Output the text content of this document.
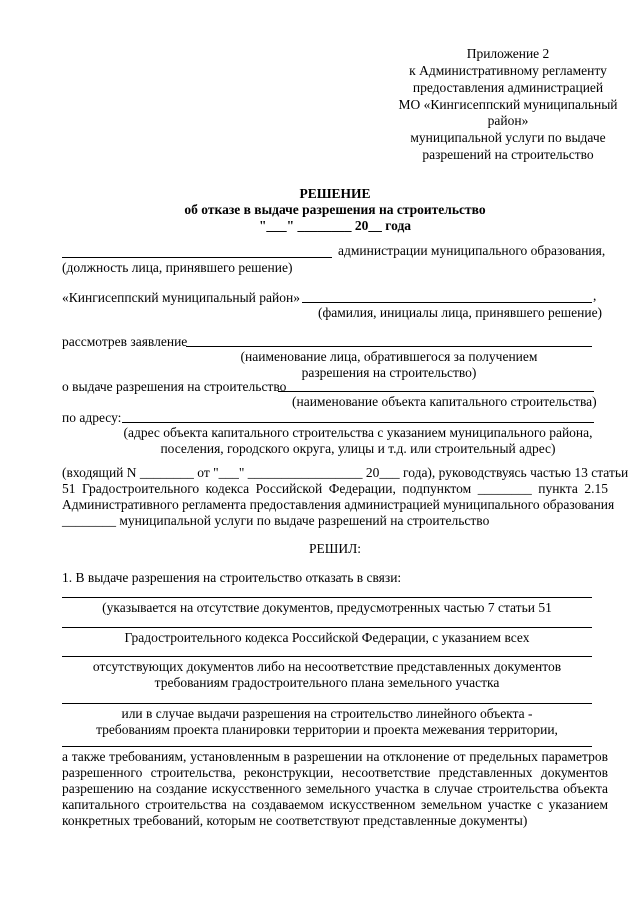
Приложение 2
к Административному регламенту
предоставления администрацией
МО «Кингисеппский муниципальный
район»
муниципальной услуги по выдаче
разрешений на строительство
РЕШЕНИЕ
об отказе в выдаче разрешения на строительство
"___" ________ 20__ года
администрации муниципального образования,
(должность лица, принявшего решение)
«Кингисеппский муниципальный район»	,
(фамилия, инициалы лица, принявшего решение)
рассмотрев заявление
(наименование лица, обратившегося за получением
разрешения на строительство)
о выдаче разрешения на строительство
(наименование объекта капитального строительства)
по адресу:
(адрес объекта капитального строительства с указанием муниципального района,
поселения, городского округа, улицы и т.д. или строительный адрес)
(входящий N ________ от "___" _________________ 20___ года), руководствуясь частью 13 статьи
51 Градостроительного кодекса Российской Федерации, подпунктом ________ пункта 2.15
Административного регламента предоставления администрацией муниципального образования
________ муниципальной услуги по выдаче разрешений на строительство
РЕШИЛ:
1. В выдаче разрешения на строительство отказать в связи:
(указывается на отсутствие документов, предусмотренных частью 7 статьи 51
Градостроительного кодекса Российской Федерации, с указанием всех
отсутствующих документов либо на несоответствие представленных документов
требованиям градостроительного плана земельного участка
или в случае выдачи разрешения на строительство линейного объекта -
требованиям проекта планировки территории и проекта межевания территории,
а также требованиям, установленным в разрешении на отклонение от предельных параметров
разрешенного строительства, реконструкции, несоответствие представленных документов
разрешению на создание искусственного земельного участка в случае строительства объекта
капитального строительства на создаваемом искусственном земельном участке с указанием
конкретных требований, которым не соответствуют представленные документы)
